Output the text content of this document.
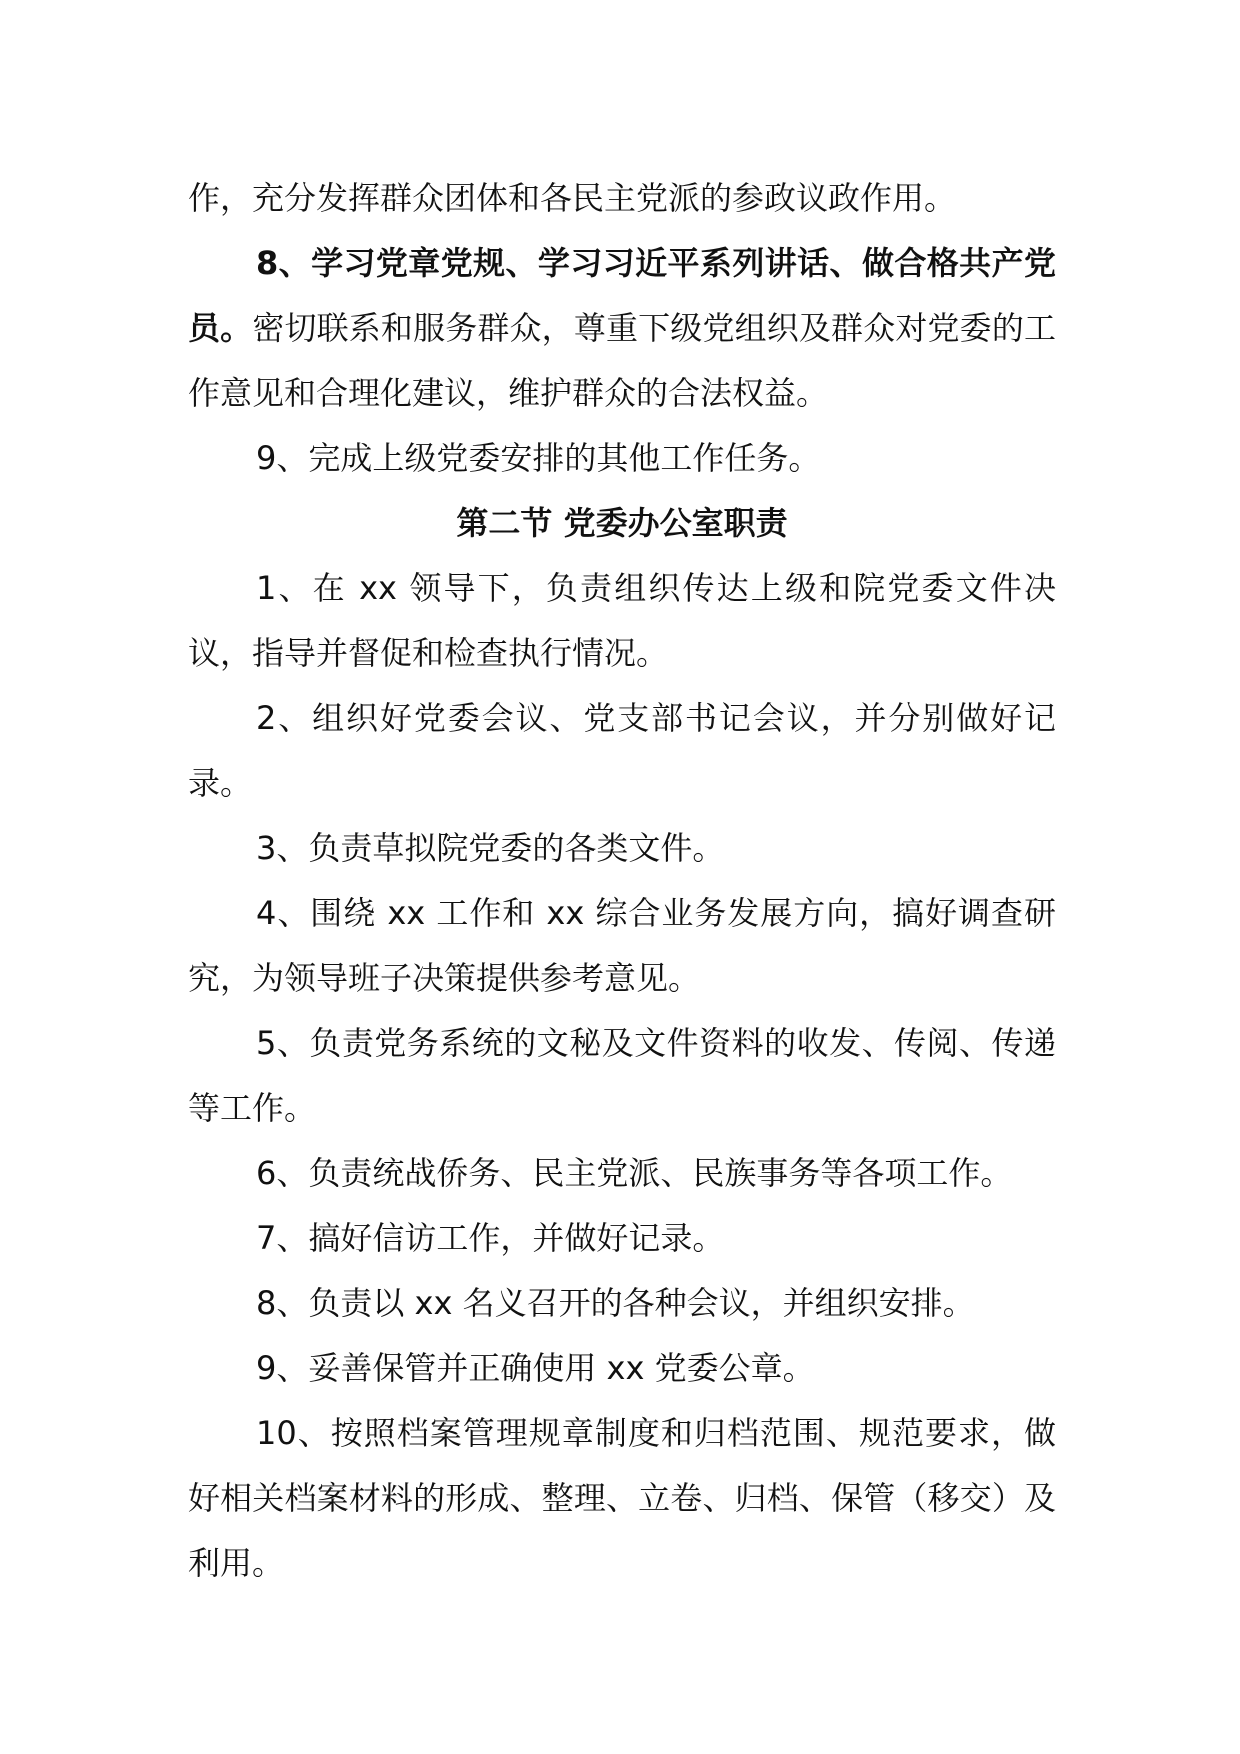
作，充分发挥群众团体和各民主党派的参政议政作用。

8、学习党章党规、学习习近平系列讲话、做合格共产党员。密切联系和服务群众，尊重下级党组织及群众对党委的工作意见和合理化建议，维护群众的合法权益。

9、完成上级党委安排的其他工作任务。

第二节 党委办公室职责

1、在 xx 领导下，负责组织传达上级和院党委文件决议，指导并督促和检查执行情况。

2、组织好党委会议、党支部书记会议，并分别做好记录。

3、负责草拟院党委的各类文件。

4、围绕 xx 工作和 xx 综合业务发展方向，搞好调查研究，为领导班子决策提供参考意见。

5、负责党务系统的文秘及文件资料的收发、传阅、传递等工作。

6、负责统战侨务、民主党派、民族事务等各项工作。

7、搞好信访工作，并做好记录。

8、负责以 xx 名义召开的各种会议，并组织安排。

9、妥善保管并正确使用 xx 党委公章。

10、按照档案管理规章制度和归档范围、规范要求，做好相关档案材料的形成、整理、立卷、归档、保管（移交）及利用。
